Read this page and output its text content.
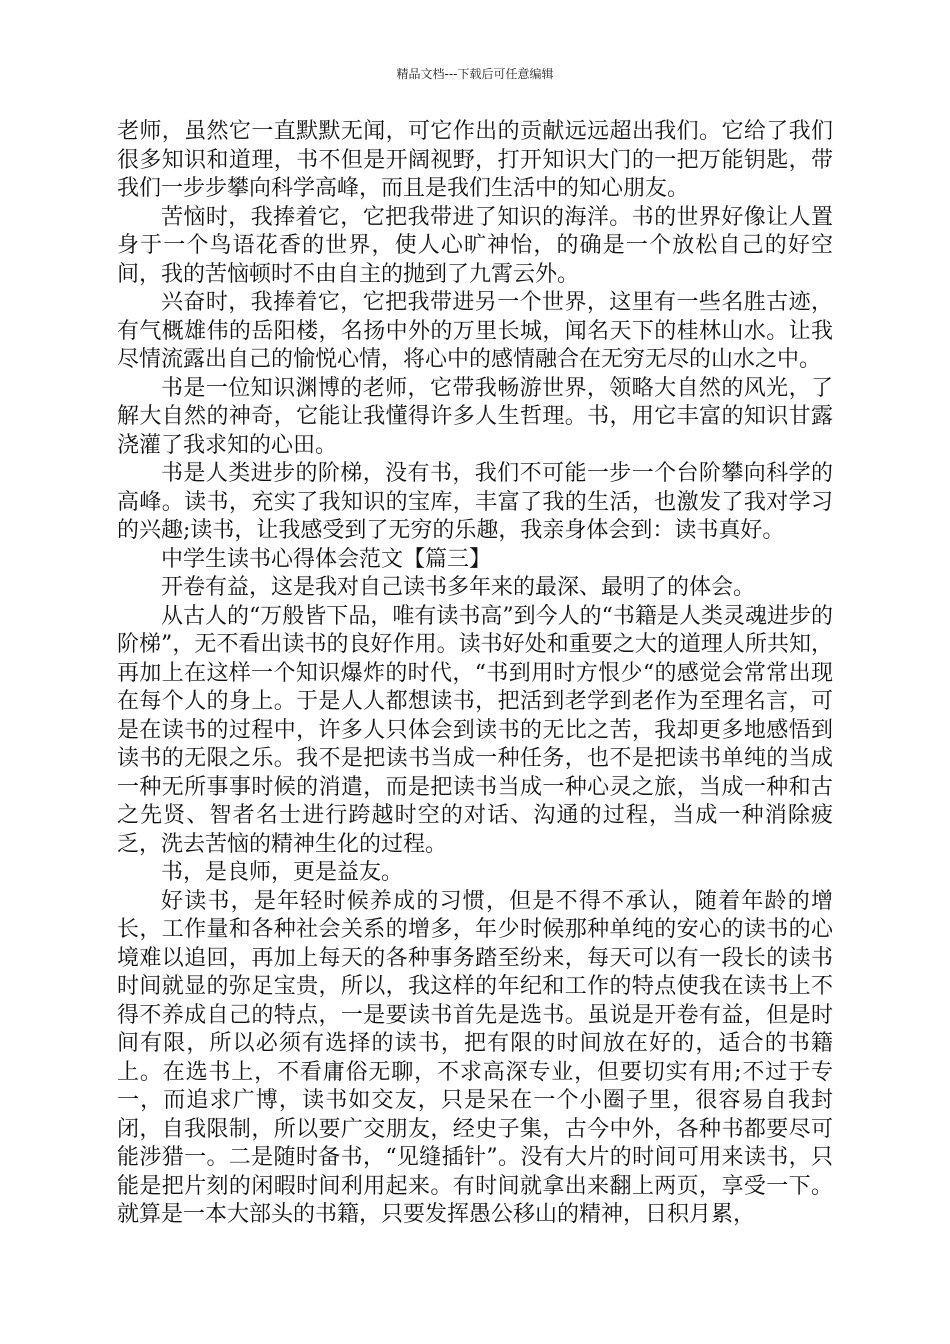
精品文档---下载后可任意编辑

老师，虽然它一直默默无闻，可它作出的贡献远远超出我们。它给了我们很多知识和道理，书不但是开阔视野，打开知识大门的一把万能钥匙，带我们一步步攀向科学高峰，而且是我们生活中的知心朋友。

苦恼时，我捧着它，它把我带进了知识的海洋。书的世界好像让人置身于一个鸟语花香的世界，使人心旷神怡，的确是一个放松自己的好空间，我的苦恼顿时不由自主的抛到了九霄云外。

兴奋时，我捧着它，它把我带进另一个世界，这里有一些名胜古迹，有气概雄伟的岳阳楼，名扬中外的万里长城，闻名天下的桂林山水。让我尽情流露出自己的愉悦心情，将心中的感情融合在无穷无尽的山水之中。

书是一位知识渊博的老师，它带我畅游世界，领略大自然的风光，了解大自然的神奇，它能让我懂得许多人生哲理。书，用它丰富的知识甘露浇灌了我求知的心田。

书是人类进步的阶梯，没有书，我们不可能一步一个台阶攀向科学的高峰。读书，充实了我知识的宝库，丰富了我的生活，也激发了我对学习的兴趣;读书，让我感受到了无穷的乐趣，我亲身体会到：读书真好。

中学生读书心得体会范文【篇三】

开卷有益，这是我对自己读书多年来的最深、最明了的体会。

从古人的“万般皆下品，唯有读书高”到今人的“书籍是人类灵魂进步的阶梯”，无不看出读书的良好作用。读书好处和重要之大的道理人所共知，再加上在这样一个知识爆炸的时代，“书到用时方恨少“的感觉会常常出现在每个人的身上。于是人人都想读书，把活到老学到老作为至理名言，可是在读书的过程中，许多人只体会到读书的无比之苦，我却更多地感悟到读书的无限之乐。我不是把读书当成一种任务，也不是把读书单纯的当成一种无所事事时候的消遣，而是把读书当成一种心灵之旅，当成一种和古之先贤、智者名士进行跨越时空的对话、沟通的过程，当成一种消除疲乏，洗去苦恼的精神生化的过程。

书，是良师，更是益友。

好读书，是年轻时候养成的习惯，但是不得不承认，随着年龄的增长，工作量和各种社会关系的增多，年少时候那种单纯的安心的读书的心境难以追回，再加上每天的各种事务踏至纷来，每天可以有一段长的读书时间就显的弥足宝贵，所以，我这样的年纪和工作的特点使我在读书上不得不养成自己的特点，一是要读书首先是选书。虽说是开卷有益，但是时间有限，所以必须有选择的读书，把有限的时间放在好的，适合的书籍上。在选书上，不看庸俗无聊，不求高深专业，但要切实有用;不过于专一，而追求广博，读书如交友，只是呆在一个小圈子里，很容易自我封闭，自我限制，所以要广交朋友，经史子集，古今中外，各种书都要尽可能涉猎一。二是随时备书，“见缝插针”。没有大片的时间可用来读书，只能是把片刻的闲暇时间利用起来。有时间就拿出来翻上两页，享受一下。就算是一本大部头的书籍，只要发挥愚公移山的精神，日积月累，
